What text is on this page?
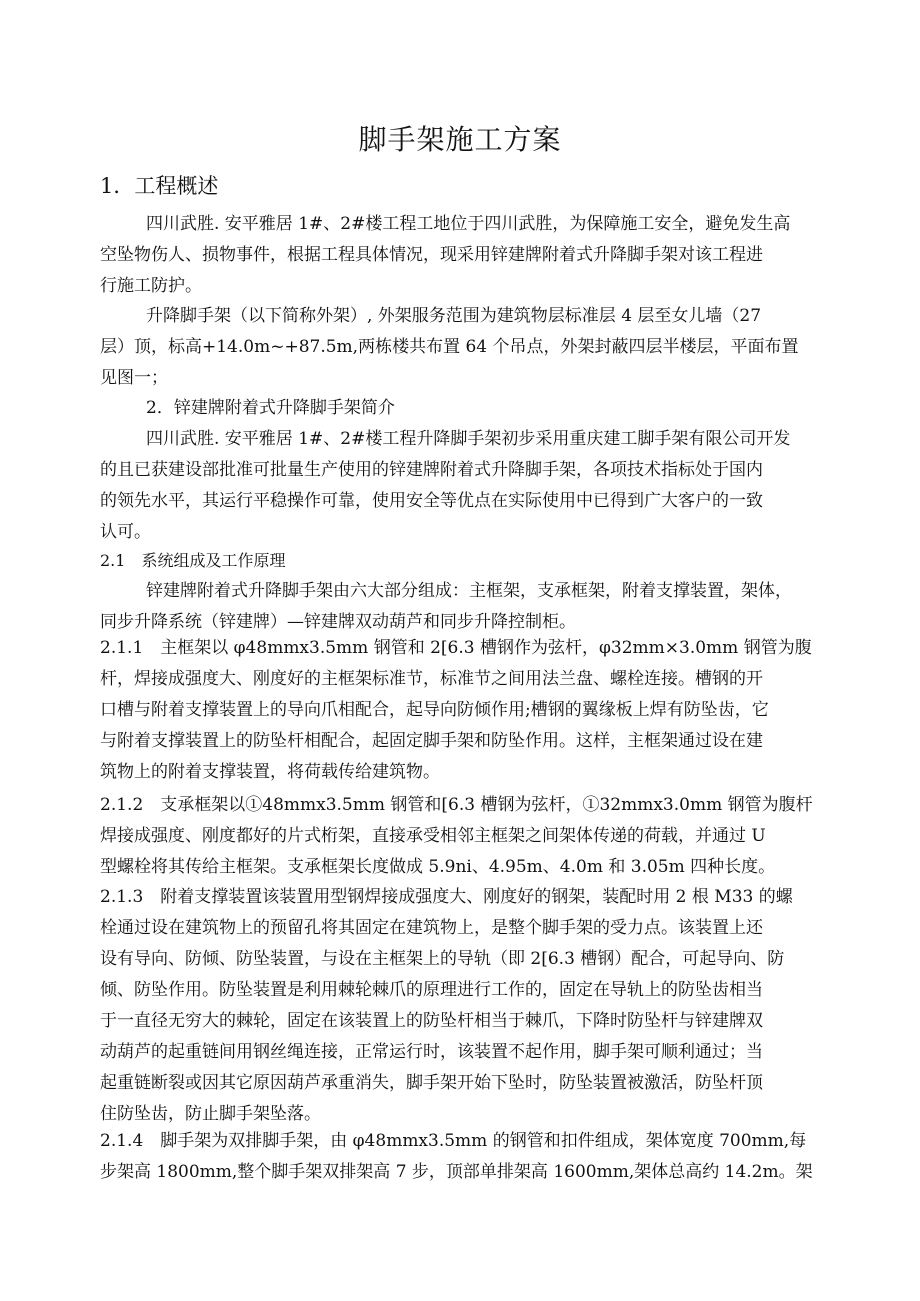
脚手架施工方案
1．工程概述
四川武胜. 安平雅居 1#、2#楼工程工地位于四川武胜，为保障施工安全，避免发生高
空坠物伤人、损物事件，根据工程具体情况，现采用锌建牌附着式升降脚手架对该工程进
行施工防护。
升降脚手架（以下简称外架）, 外架服务范围为建筑物层标准层 4 层至女儿墙（27
层）顶，标高+14.0m~+87.5m,两栋楼共布置 64 个吊点，外架封蔽四层半楼层，平面布置
见图一；
2．锌建牌附着式升降脚手架简介
四川武胜. 安平雅居 1#、2#楼工程升降脚手架初步采用重庆建工脚手架有限公司开发
的且已获建设部批准可批量生产使用的锌建牌附着式升降脚手架，各项技术指标处于国内
的领先水平，其运行平稳操作可靠，使用安全等优点在实际使用中已得到广大客户的一致
认可。
2.1　系统组成及工作原理
锌建牌附着式升降脚手架由六大部分组成：主框架，支承框架，附着支撑装置，架体，
同步升降系统（锌建牌）—锌建牌双动葫芦和同步升降控制柜。
2.1.1　主框架以 φ48mmx3.5mm 钢管和 2[6.3 槽钢作为弦杆，φ32mm×3.0mm 钢管为腹
杆，焊接成强度大、刚度好的主框架标准节，标准节之间用法兰盘、螺栓连接。槽钢的开
口槽与附着支撑装置上的导向爪相配合，起导向防倾作用;槽钢的翼缘板上焊有防坠齿，它
与附着支撑装置上的防坠杆相配合，起固定脚手架和防坠作用。这样，主框架通过设在建
筑物上的附着支撑装置，将荷载传给建筑物。
2.1.2　支承框架以①48mmx3.5mm 钢管和[6.3 槽钢为弦杆，①32mmx3.0mm 钢管为腹杆
焊接成强度、刚度都好的片式桁架，直接承受相邻主框架之间架体传递的荷载，并通过 U
型螺栓将其传给主框架。支承框架长度做成 5.9ni、4.95m、4.0m 和 3.05m 四种长度。
2.1.3　附着支撑装置该装置用型钢焊接成强度大、刚度好的钢架，装配时用 2 根 M33 的螺
栓通过设在建筑物上的预留孔将其固定在建筑物上，是整个脚手架的受力点。该装置上还
设有导向、防倾、防坠装置，与设在主框架上的导轨（即 2[6.3 槽钢）配合，可起导向、防
倾、防坠作用。防坠装置是利用棘轮棘爪的原理进行工作的，固定在导轨上的防坠齿相当
于一直径无穷大的棘轮，固定在该装置上的防坠杆相当于棘爪，下降时防坠杆与锌建牌双
动葫芦的起重链间用钢丝绳连接，正常运行时，该装置不起作用，脚手架可顺利通过；当
起重链断裂或因其它原因葫芦承重消失，脚手架开始下坠时，防坠装置被激活，防坠杆顶
住防坠齿，防止脚手架坠落。
2.1.4　脚手架为双排脚手架，由 φ48mmx3.5mm 的钢管和扣件组成，架体宽度 700mm,每
步架高 1800mm,整个脚手架双排架高 7 步，顶部单排架高 1600mm,架体总高约 14.2m。架
